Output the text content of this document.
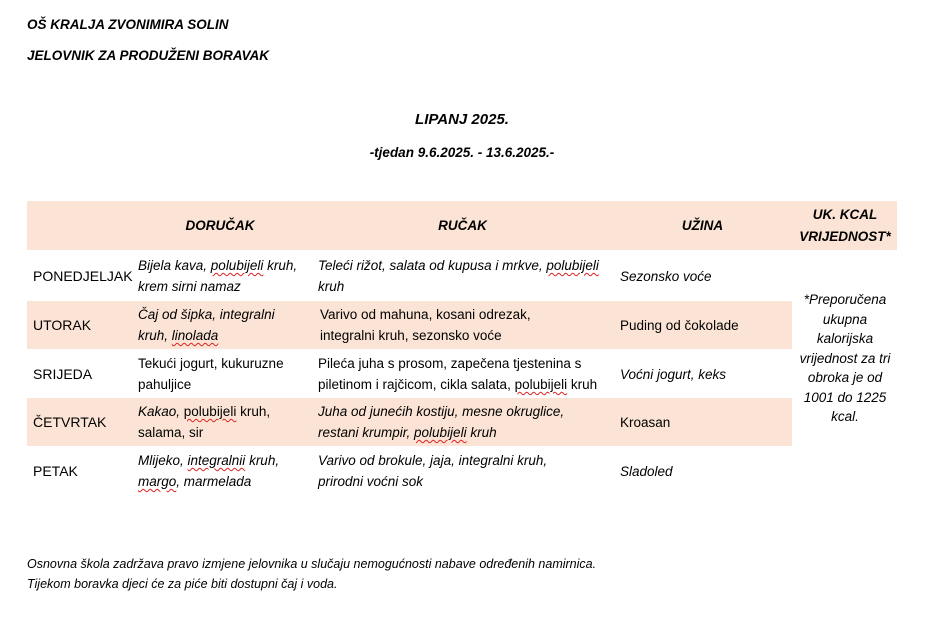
OŠ KRALJA ZVONIMIRA SOLIN
JELOVNIK ZA PRODUŽENI BORAVAK
LIPANJ 2025.
-tjedan 9.6.2025. - 13.6.2025.-
DORUČAK	RUČAK	UŽINA
UK. KCAL VRIJEDNOST*
PONEDJELJAK
Bijela kava, polubijeli kruh, krem sirni namaz
Teleći rižot, salata od kupusa i mrkve, polubijeli kruh
Sezonsko voće
UTORAK
Čaj od šipka, integralni kruh, linolada
Varivo od mahuna, kosani odrezak, integralni kruh, sezonsko voće
Puding od čokolade
SRIJEDA
Tekući jogurt, kukuruzne pahuljice
Pileća juha s prosom, zapečena tjestenina s piletinom i rajčicom, cikla salata, polubijeli kruh
Voćni jogurt, keks
ČETVRTAK
Kakao, polubijeli kruh, salama, sir
Juha od junećih kostiju, mesne okruglice, restani krumpir, polubijeli kruh
Kroasan
PETAK
Mlijeko, integralnii kruh, margo, marmelada
Varivo od brokule, jaja, integralni kruh, prirodni voćni sok
Sladoled
*Preporučena ukupna kalorijska vrijednost za tri obroka je od 1001 do 1225 kcal.
Osnovna škola zadržava pravo izmjene jelovnika u slučaju nemogućnosti nabave određenih namirnica.
Tijekom boravka djeci će za piće biti dostupni čaj i voda.
